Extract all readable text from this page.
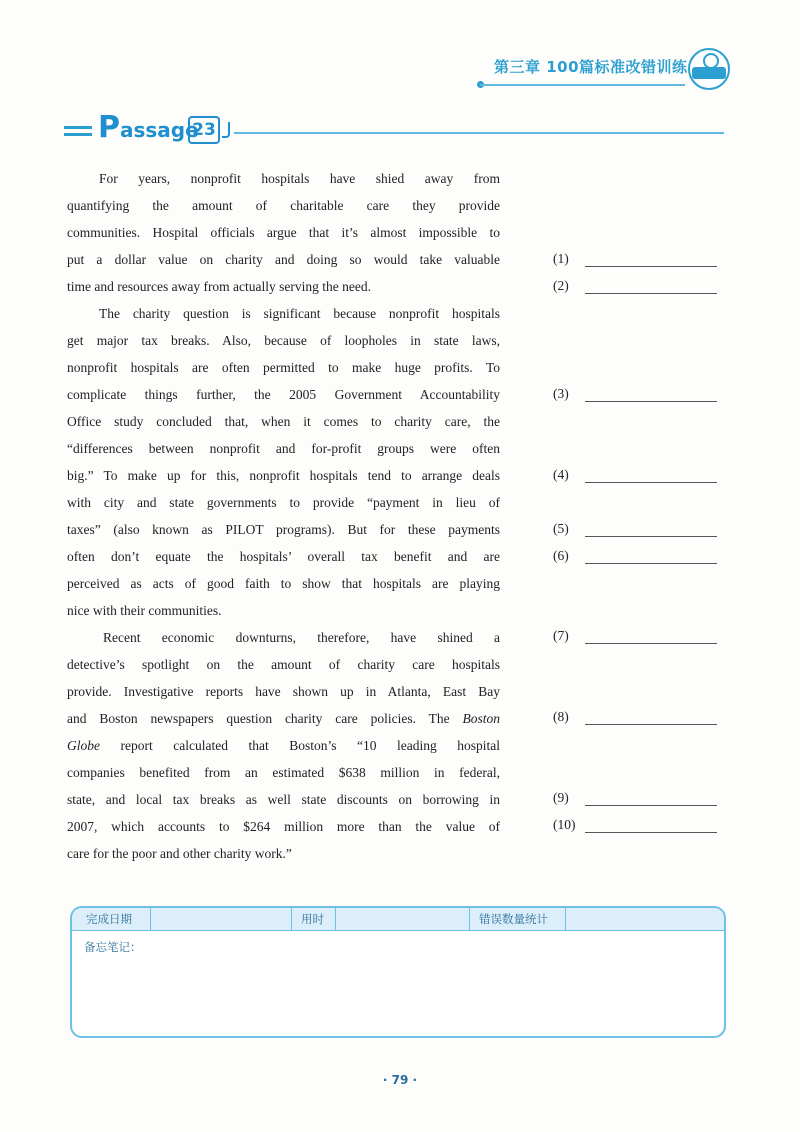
第三章 100篇标准改错训练
Passage
23

For years, nonprofit hospitals have shied away from

quantifying the amount of charitable care they provide

communities. Hospital officials argue that it’s almost impossible to

put a dollar value on charity and doing so would take valuable

time and resources away from actually serving the need.

The charity question is significant because nonprofit hospitals

get major tax breaks. Also, because of loopholes in state laws,

nonprofit hospitals are often permitted to make huge profits. To

complicate things further, the 2005 Government Accountability

Office study concluded that, when it comes to charity care, the

“differences between nonprofit and for-profit groups were often

big.” To make up for this, nonprofit hospitals tend to arrange deals

with city and state governments to provide “payment in lieu of

taxes” (also known as PILOT programs). But for these payments

often don’t equate the hospitals’ overall tax benefit and are

perceived as acts of good faith to show that hospitals are playing

nice with their communities.

Recent economic downturns, therefore, have shined a

detective’s spotlight on the amount of charity care hospitals

provide. Investigative reports have shown up in Atlanta, East Bay

and Boston newspapers question charity care policies. The Boston

Globe report calculated that Boston’s “10 leading hospital

companies benefited from an estimated $638 million in federal,

state, and local tax breaks as well state discounts on borrowing in

2007, which accounts to $264 million more than the value of

care for the poor and other charity work.”

(1)
(2)
(3)
(4)
(5)
(6)
(7)
(8)
(9)
(10)
完成日期	用时	错误数量统计
备忘笔记：
· 79 ·
